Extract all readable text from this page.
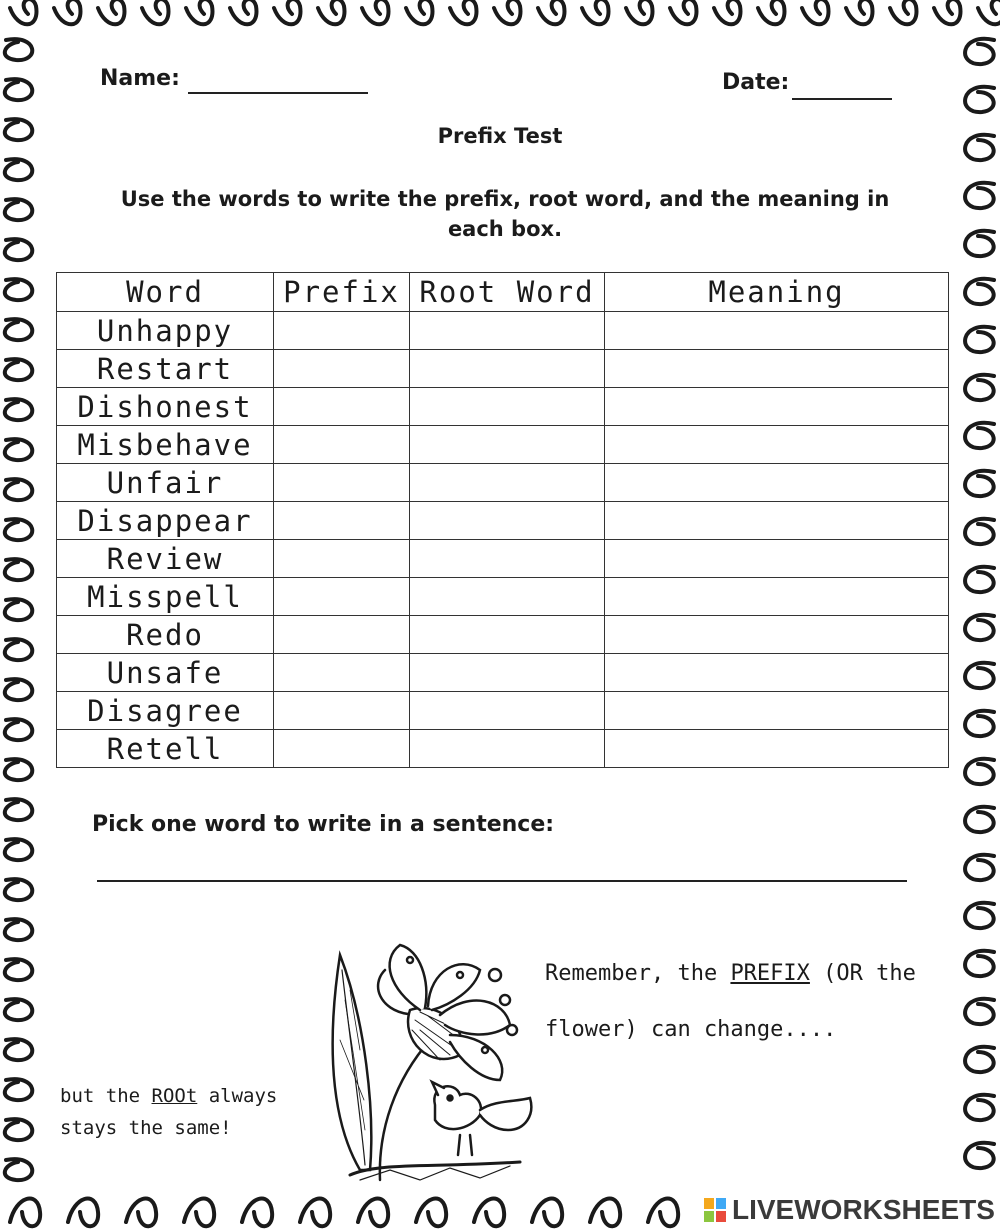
Name:	Date:
Prefix Test
Use the words to write the prefix, root word, and the meaning in each box.
Word	Prefix	Root Word	Meaning
Unhappy			
Restart			
Dishonest			
Misbehave			
Unfair			
Disappear			
Review			
Misspell			
Redo			
Unsafe			
Disagree			
Retell			
Pick one word to write in a sentence:
Remember, the PREFIX (OR the flower) can change....
but the ROOt always stays the same!
LIVEWORKSHEETS
